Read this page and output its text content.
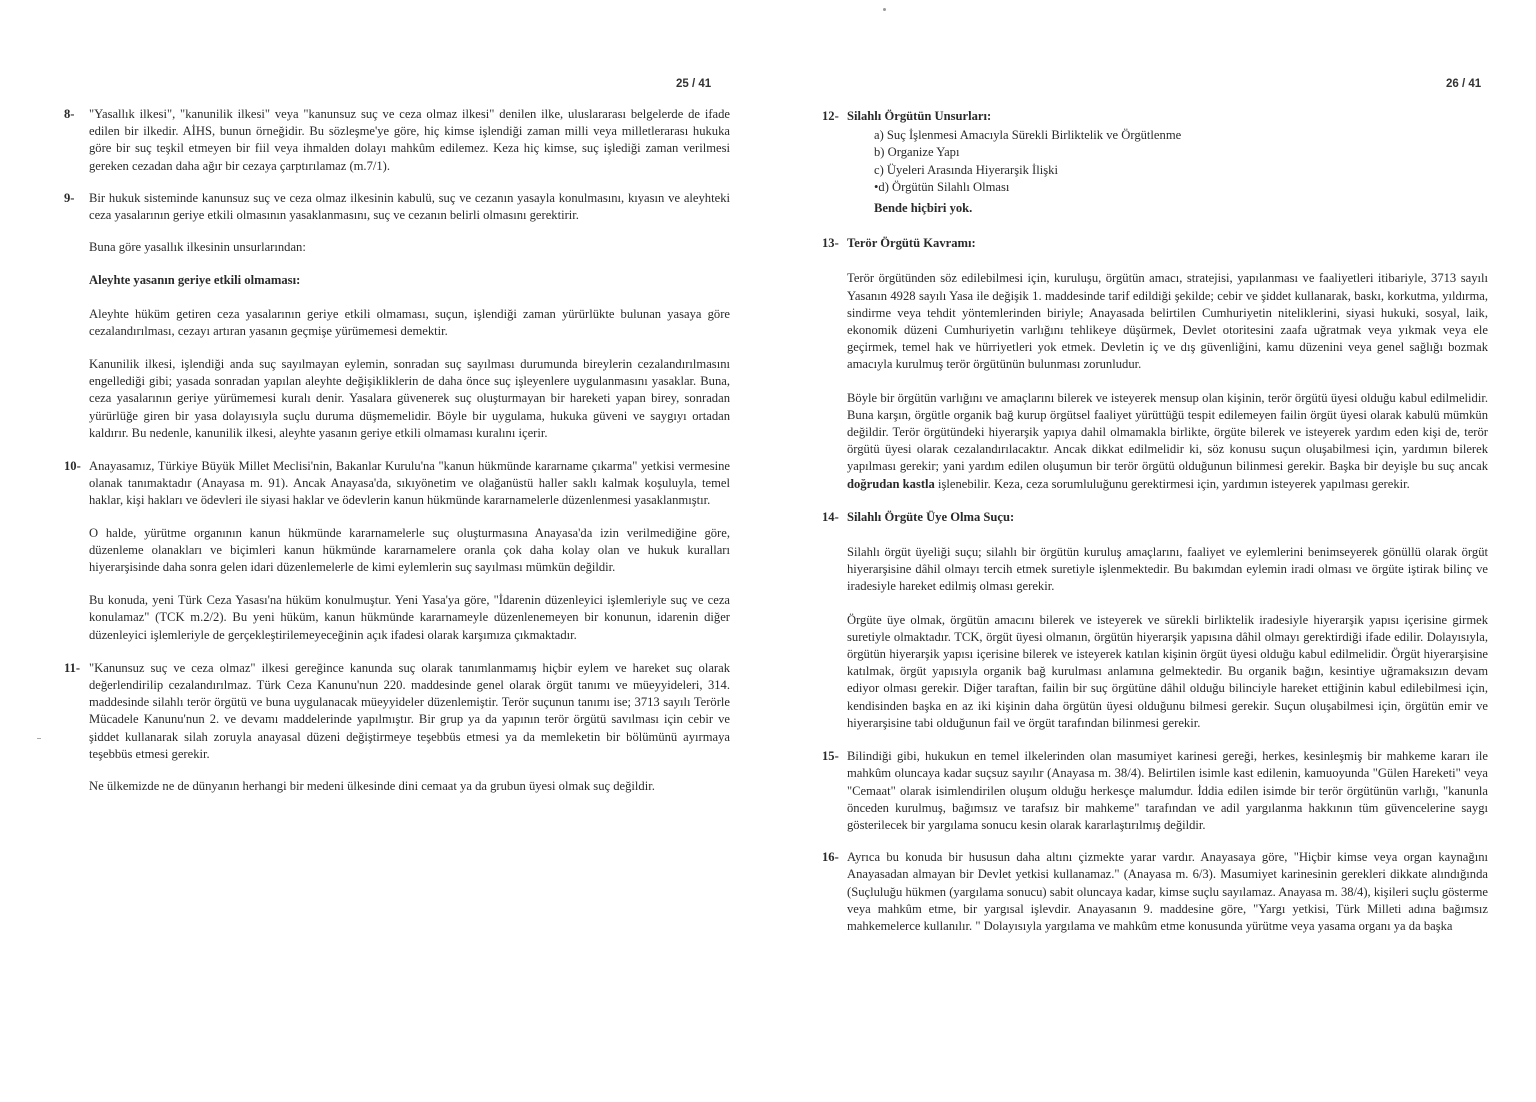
25 / 41
8-	"Yasallık ilkesi", "kanunilik ilkesi" veya "kanunsuz suç ve ceza olmaz ilkesi" denilen ilke, uluslararası belgelerde de ifade edilen bir ilkedir. AİHS, bunun örneğidir. Bu sözleşme'ye göre, hiç kimse işlendiği zaman milli veya milletlerarası hukuka göre bir suç teşkil etmeyen bir fiil veya ihmalden dolayı mahkûm edilemez. Keza hiç kimse, suç işlediği zaman verilmesi gereken cezadan daha ağır bir cezaya çarptırılamaz (m.7/1).
9-	Bir hukuk sisteminde kanunsuz suç ve ceza olmaz ilkesinin kabulü, suç ve cezanın yasayla konulmasını, kıyasın ve aleyhteki ceza yasalarının geriye etkili olmasının yasaklanmasını, suç ve cezanın belirli olmasını gerektirir.

Buna göre yasallık ilkesinin unsurlarından:

Aleyhte yasanın geriye etkili olmaması:

Aleyhte hüküm getiren ceza yasalarının geriye etkili olmaması, suçun, işlendiği zaman yürürlükte bulunan yasaya göre cezalandırılması, cezayı artıran yasanın geçmişe yürümemesi demektir.

Kanunilik ilkesi, işlendiği anda suç sayılmayan eylemin, sonradan suç sayılması durumunda bireylerin cezalandırılmasını engellediği gibi; yasada sonradan yapılan aleyhte değişikliklerin de daha önce suç işleyenlere uygulanmasını yasaklar. Buna, ceza yasalarının geriye yürümemesi kuralı denir. Yasalara güvenerek suç oluşturmayan bir hareketi yapan birey, sonradan yürürlüğe giren bir yasa dolayısıyla suçlu duruma düşmemelidir. Böyle bir uygulama, hukuka güveni ve saygıyı ortadan kaldırır. Bu nedenle, kanunilik ilkesi, aleyhte yasanın geriye etkili olmaması kuralını içerir.

10- Anayasamız, Türkiye Büyük Millet Meclisi'nin, Bakanlar Kurulu'na "kanun hükmünde kararname çıkarma" yetkisi vermesine olanak tanımaktadır (Anayasa m. 91). Ancak Anayasa'da, sıkıyönetim ve olağanüstü haller saklı kalmak koşuluyla, temel haklar, kişi hakları ve ödevleri ile siyasi haklar ve ödevlerin kanun hükmünde kararnamelerle düzenlenmesi yasaklanmıştır.

O halde, yürütme organının kanun hükmünde kararnamelerle suç oluşturmasına Anayasa'da izin verilmediğine göre, düzenleme olanakları ve biçimleri kanun hükmünde kararnamelere oranla çok daha kolay olan ve hukuk kuralları hiyerarşisinde daha sonra gelen idari düzenlemelerle de kimi eylemlerin suç sayılması mümkün değildir.

Bu konuda, yeni Türk Ceza Yasası'na hüküm konulmuştur. Yeni Yasa'ya göre, "İdarenin düzenleyici işlemleriyle suç ve ceza konulamaz" (TCK m.2/2). Bu yeni hüküm, kanun hükmünde kararnameyle düzenlenemeyen bir konunun, idarenin diğer düzenleyici işlemleriyle de gerçekleştirilemeyeceğinin açık ifadesi olarak karşımıza çıkmaktadır.

11- "Kanunsuz suç ve ceza olmaz" ilkesi gereğince kanunda suç olarak tanımlanmamış hiçbir eylem ve hareket suç olarak değerlendirilip cezalandırılmaz. Türk Ceza Kanunu'nun 220. maddesinde genel olarak örgüt tanımı ve müeyyideleri, 314. maddesinde silahlı terör örgütü ve buna uygulanacak müeyyideler düzenlemiştir. Terör suçunun tanımı ise; 3713 sayılı Terörle Mücadele Kanunu'nun 2. ve devamı maddelerinde yapılmıştır. Bir grup ya da yapının terör örgütü savılması için cebir ve şiddet kullanarak silah zoruyla anayasal düzeni değiştirmeye teşebbüs etmesi ya da memleketin bir bölümünü ayırmaya teşebbüs etmesi gerekir.

Ne ülkemizde ne de dünyanın herhangi bir medeni ülkesinde dini cemaat ya da grubun üyesi olmak suç değildir.

26 / 41
12- Silahlı Örgütün Unsurları:
a) Suç İşlenmesi Amacıyla Sürekli Birliktelik ve Örgütlenme
b) Organize Yapı
c) Üyeleri Arasında Hiyerarşik İlişki
•d) Örgütün Silahlı Olması

Bende hiçbiri yok.

13- Terör Örgütü Kavramı:

Terör örgütünden söz edilebilmesi için, kuruluşu, örgütün amacı, stratejisi, yapılanması ve faaliyetleri itibariyle, 3713 sayılı Yasanın 4928 sayılı Yasa ile değişik 1. maddesinde tarif edildiği şekilde; cebir ve şiddet kullanarak, baskı, korkutma, yıldırma, sindirme veya tehdit yöntemlerinden biriyle; Anayasada belirtilen Cumhuriyetin niteliklerini, siyasi hukuki, sosyal, laik, ekonomik düzeni Cumhuriyetin varlığını tehlikeye düşürmek, Devlet otoritesini zaafa uğratmak veya yıkmak veya ele geçirmek, temel hak ve hürriyetleri yok etmek. Devletin iç ve dış güvenliğini, kamu düzenini veya genel sağlığı bozmak amacıyla kurulmuş terör örgütünün bulunması zorunludur.

Böyle bir örgütün varlığını ve amaçlarını bilerek ve isteyerek mensup olan kişinin, terör örgütü üyesi olduğu kabul edilmelidir. Buna karşın, örgütle organik bağ kurup örgütsel faaliyet yürüttüğü tespit edilemeyen failin örgüt üyesi olarak kabulü mümkün değildir. Terör örgütündeki hiyerarşik yapıya dahil olmamakla birlikte, örgüte bilerek ve isteyerek yardım eden kişi de, terör örgütü üyesi olarak cezalandırılacaktır. Ancak dikkat edilmelidir ki, söz konusu suçun oluşabilmesi için, yardımın bilerek yapılması gerekir; yani yardım edilen oluşumun bir terör örgütü olduğunun bilinmesi gerekir. Başka bir deyişle bu suç ancak doğrudan kastla işlenebilir. Keza, ceza sorumluluğunu gerektirmesi için, yardımın isteyerek yapılması gerekir.

14- Silahlı Örgüte Üye Olma Suçu:

Silahlı örgüt üyeliği suçu; silahlı bir örgütün kuruluş amaçlarını, faaliyet ve eylemlerini benimseyerek gönüllü olarak örgüt hiyerarşisine dâhil olmayı tercih etmek suretiyle işlenmektedir. Bu bakımdan eylemin iradi olması ve örgüte iştirak bilinç ve iradesiyle hareket edilmiş olması gerekir.

Örgüte üye olmak, örgütün amacını bilerek ve isteyerek ve sürekli birliktelik iradesiyle hiyerarşik yapısı içerisine girmek suretiyle olmaktadır. TCK, örgüt üyesi olmanın, örgütün hiyerarşik yapısına dâhil olmayı gerektirdiği ifade edilir. Dolayısıyla, örgütün hiyerarşik yapısı içerisine bilerek ve isteyerek katılan kişinin örgüt üyesi olduğu kabul edilmelidir. Örgüt hiyerarşisine katılmak, örgüt yapısıyla organik bağ kurulması anlamına gelmektedir. Bu organik bağın, kesintiye uğramaksızın devam ediyor olması gerekir. Diğer taraftan, failin bir suç örgütüne dâhil olduğu bilinciyle hareket ettiğinin kabul edilebilmesi için, kendisinden başka en az iki kişinin daha örgütün üyesi olduğunu bilmesi gerekir. Suçun oluşabilmesi için, örgütün emir ve hiyerarşisine tabi olduğunun fail ve örgüt tarafından bilinmesi gerekir.

15- Bilindiği gibi, hukukun en temel ilkelerinden olan masumiyet karinesi gereği, herkes, kesinleşmiş bir mahkeme kararı ile mahkûm oluncaya kadar suçsuz sayılır (Anayasa m. 38/4). Belirtilen isimle kast edilenin, kamuoyunda "Gülen Hareketi" veya "Cemaat" olarak isimlendirilen oluşum olduğu herkesçe malumdur. İddia edilen isimde bir terör örgütünün varlığı, "kanunla önceden kurulmuş, bağımsız ve tarafsız bir mahkeme" tarafından ve adil yargılanma hakkının tüm güvencelerine saygı gösterilecek bir yargılama sonucu kesin olarak kararlaştırılmış değildir.
16- Ayrıca bu konuda bir hususun daha altını çizmekte yarar vardır. Anayasaya göre, "Hiçbir kimse veya organ kaynağını Anayasadan almayan bir Devlet yetkisi kullanamaz." (Anayasa m. 6/3). Masumiyet karinesinin gerekleri dikkate alındığında (Suçluluğu hükmen (yargılama sonucu) sabit oluncaya kadar, kimse suçlu sayılamaz. Anayasa m. 38/4), kişileri suçlu gösterme veya mahkûm etme, bir yargısal işlevdir. Anayasanın 9. maddesine göre, "Yargı yetkisi, Türk Milleti adına bağımsız mahkemelerce kullanılır. " Dolayısıyla yargılama ve mahkûm etme konusunda yürütme veya yasama organı ya da başka
